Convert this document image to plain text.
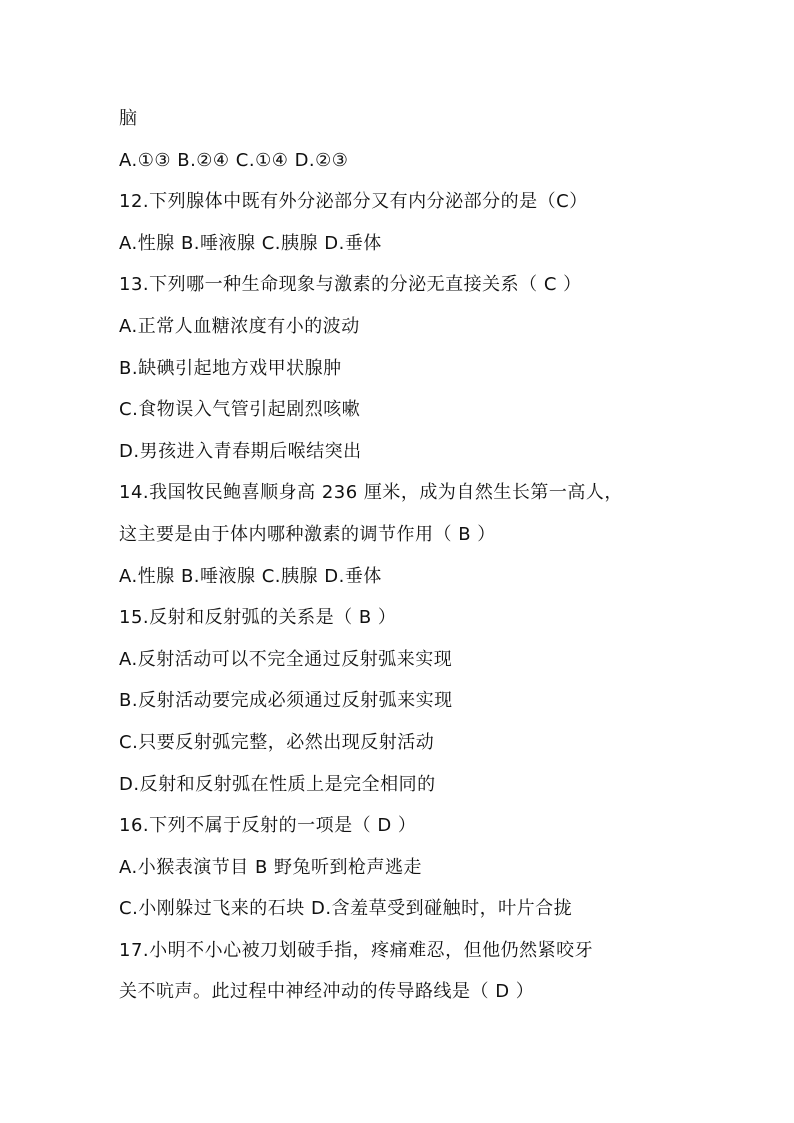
脑
A.①③ B.②④ C.①④ D.②③
12.下列腺体中既有外分泌部分又有内分泌部分的是（C）
A.性腺 B.唾液腺 C.胰腺 D.垂体
13.下列哪一种生命现象与激素的分泌无直接关系（ C ）
A.正常人血糖浓度有小的波动
B.缺碘引起地方戏甲状腺肿
C.食物误入气管引起剧烈咳嗽
D.男孩进入青春期后喉结突出
14.我国牧民鲍喜顺身高 236 厘米，成为自然生长第一高人，
这主要是由于体内哪种激素的调节作用（ B ）
A.性腺 B.唾液腺 C.胰腺 D.垂体
15.反射和反射弧的关系是（ B ）
A.反射活动可以不完全通过反射弧来实现
B.反射活动要完成必须通过反射弧来实现
C.只要反射弧完整，必然出现反射活动
D.反射和反射弧在性质上是完全相同的
16.下列不属于反射的一项是（ D ）
A.小猴表演节目 B 野兔听到枪声逃走
C.小刚躲过飞来的石块 D.含羞草受到碰触时，叶片合拢
17.小明不小心被刀划破手指，疼痛难忍，但他仍然紧咬牙
关不吭声。此过程中神经冲动的传导路线是（ D ）
